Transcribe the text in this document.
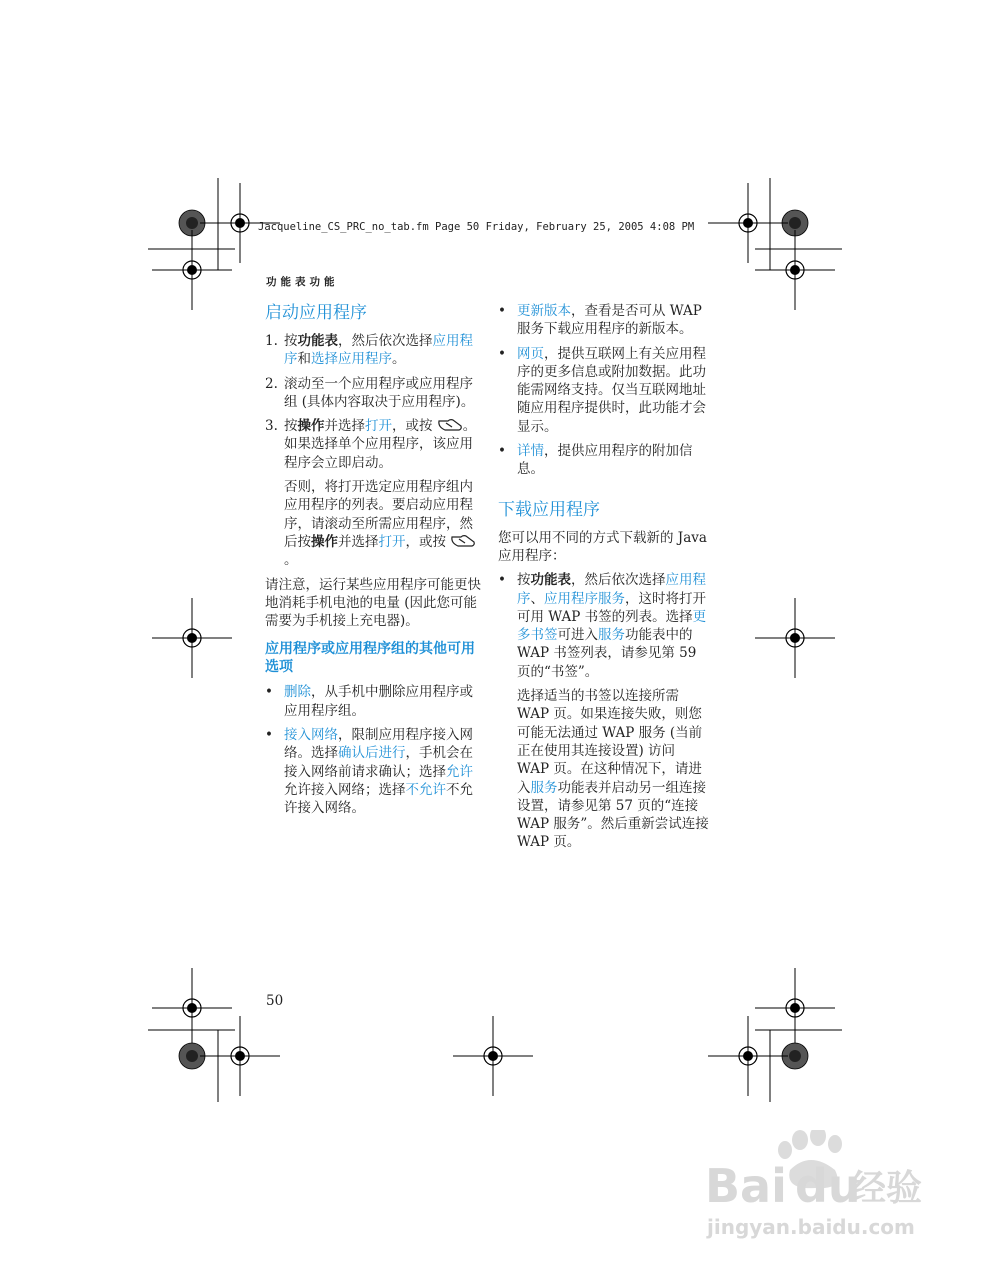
Jacqueline_CS_PRC_no_tab.fm Page 50 Friday, February 25, 2005 4:08 PM
功能表功能
启动应用程序
1. 按功能表，然后依次选择应用程序和选择应用程序。
2. 滚动至一个应用程序或应用程序组 (具体内容取决于应用程序)。
3. 按操作并选择打开，或按 。如果选择单个应用程序，该应用程序会立即启动。
否则，将打开选定应用程序组内应用程序的列表。要启动应用程序，请滚动至所需应用程序，然后按操作并选择打开，或按 。

请注意，运行某些应用程序可能更快地消耗手机电池的电量 (因此您可能需要为手机接上充电器)。

应用程序或应用程序组的其他可用选项
• 删除，从手机中删除应用程序或应用程序组。
• 接入网络，限制应用程序接入网络。选择确认后进行，手机会在接入网络前请求确认；选择允许允许接入网络；选择不允许不允许接入网络。
• 更新版本，查看是否可从 WAP 服务下载应用程序的新版本。
• 网页，提供互联网上有关应用程序的更多信息或附加数据。此功能需网络支持。仅当互联网地址随应用程序提供时，此功能才会显示。
• 详情，提供应用程序的附加信息。
下载应用程序

您可以用不同的方式下载新的 Java 应用程序：

• 按功能表，然后依次选择应用程序、应用程序服务，这时将打开可用 WAP 书签的列表。选择更多书签可进入服务功能表中的 WAP 书签列表，请参见第 59 页的“书签”。
选择适当的书签以连接所需 WAP 页。如果连接失败，则您可能无法通过 WAP 服务 (当前正在使用其连接设置) 访问 WAP 页。在这种情况下，请进入服务功能表并启动另一组连接设置，请参见第 57 页的“连接 WAP 服务”。然后重新尝试连接 WAP 页。
50
Bai du
经验
jingyan.baidu.com
